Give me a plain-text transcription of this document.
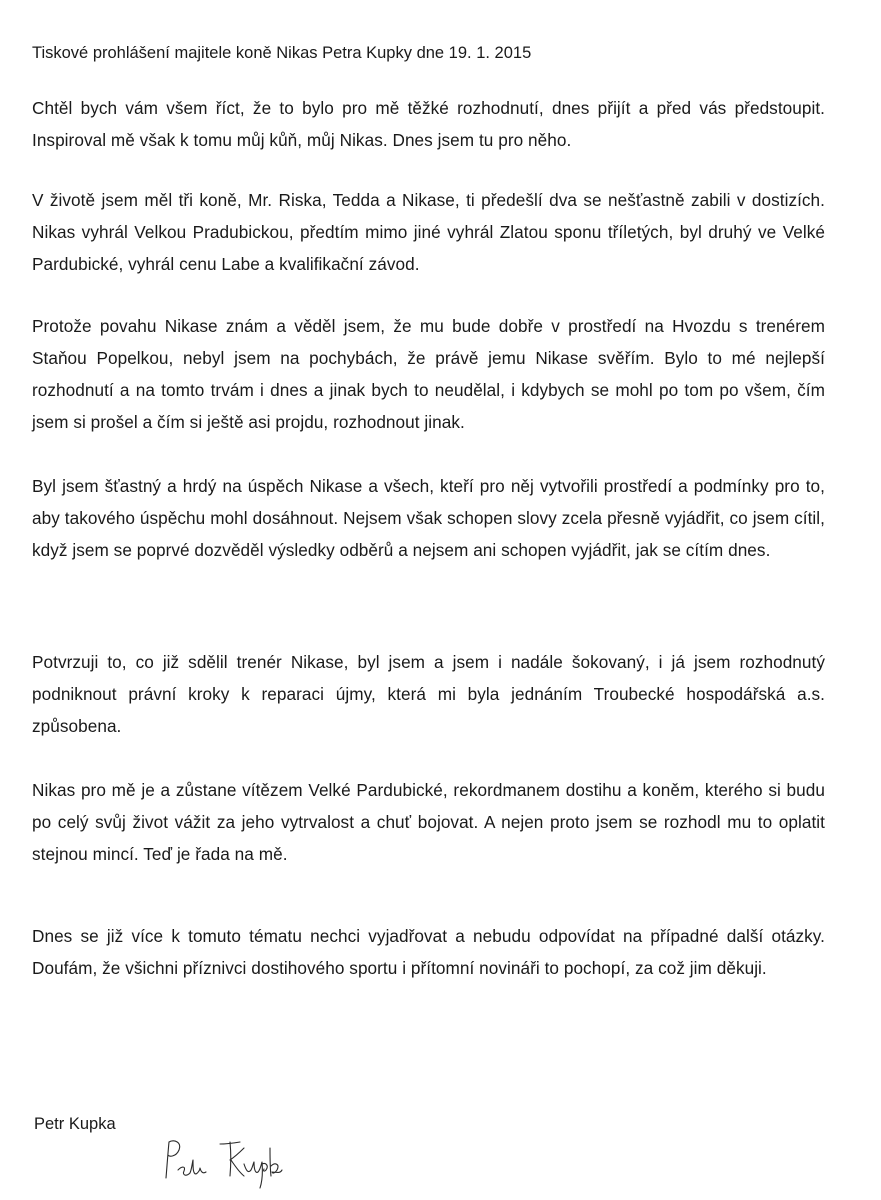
Tiskové prohlášení majitele koně Nikas Petra Kupky dne 19. 1. 2015
Chtěl bych vám všem říct, že to bylo pro mě těžké rozhodnutí, dnes přijít a před vás předstoupit. Inspiroval mě však k tomu můj kůň, můj Nikas. Dnes jsem tu pro něho.
V životě jsem měl tři koně, Mr. Riska, Tedda a Nikase, ti předešlí dva se nešťastně zabili v dostizích. Nikas vyhrál Velkou Pradubickou, předtím mimo jiné vyhrál Zlatou sponu tříletých, byl druhý ve Velké Pardubické, vyhrál cenu Labe a kvalifikační závod.
Protože povahu Nikase znám a věděl jsem, že mu bude dobře v prostředí na Hvozdu s trenérem Staňou Popelkou, nebyl jsem na pochybách, že právě jemu Nikase svěřím. Bylo to mé nejlepší rozhodnutí a na tomto trvám i dnes a jinak bych to neudělal, i kdybych se mohl po tom po všem, čím jsem si prošel a čím si ještě asi projdu, rozhodnout jinak.
Byl jsem šťastný a hrdý na úspěch Nikase a všech, kteří pro něj vytvořili prostředí a podmínky pro to, aby takového úspěchu mohl dosáhnout. Nejsem však schopen slovy zcela přesně vyjádřit, co jsem cítil, když jsem se poprvé dozvěděl výsledky odběrů a nejsem ani schopen vyjádřit, jak se cítím dnes.
Potvrzuji to, co již sdělil trenér Nikase, byl jsem a jsem i nadále šokovaný, i já jsem rozhodnutý podniknout právní kroky k reparaci újmy, která mi byla jednáním Troubecké hospodářská a.s. způsobena.
Nikas pro mě je a zůstane vítězem Velké Pardubické, rekordmanem dostihu a koněm, kterého si budu po celý svůj život vážit za jeho vytrvalost a chuť bojovat. A nejen proto jsem se rozhodl mu to oplatit stejnou mincí. Teď je řada na mě.
Dnes se již více k tomuto tématu nechci vyjadřovat a nebudu odpovídat na případné další otázky. Doufám, že všichni příznivci dostihového sportu i přítomní novináři to pochopí, za což jim děkuji.
Petr Kupka
